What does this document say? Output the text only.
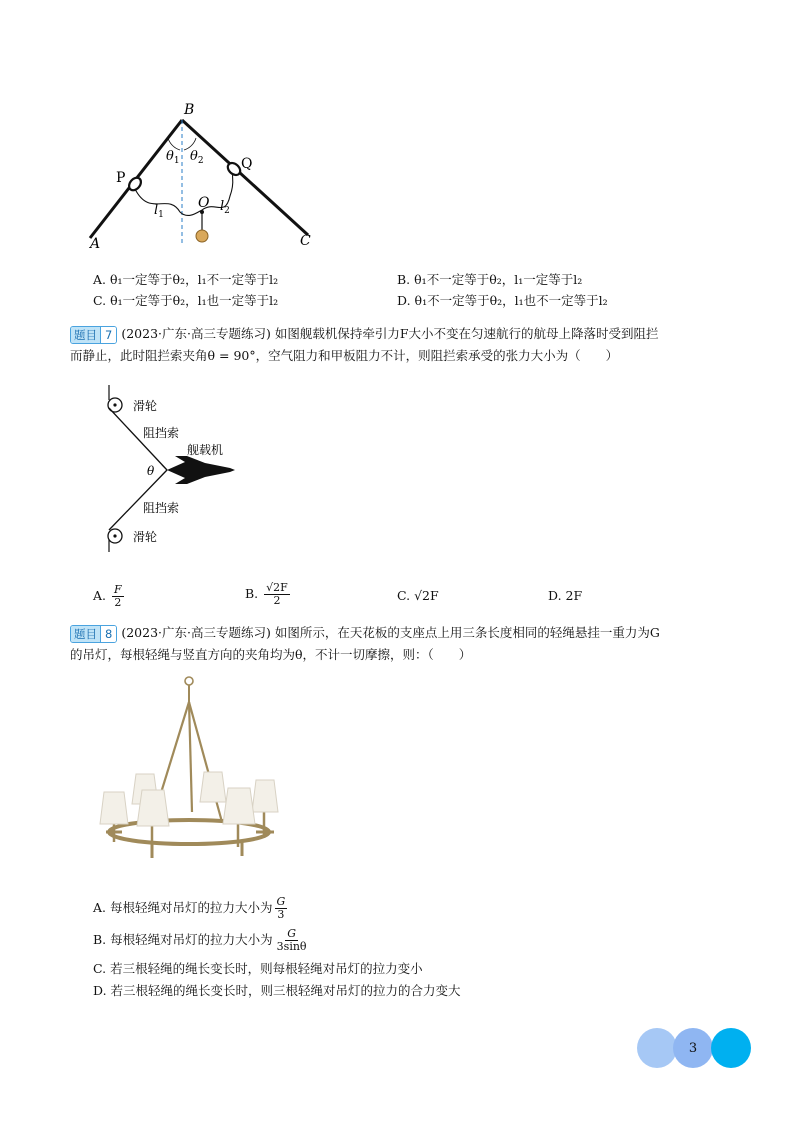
B
P
Q
O
A	C
$\theta_1$ $\theta_2$
$l_1$
$l_2$
A. θ₁一定等于θ₂，l₁不一定等于l₂	B. θ₁不一定等于θ₂，l₁一定等于l₂
C. θ₁一定等于θ₂，l₁也一定等于l₂	D. θ₁不一定等于θ₂，l₁也不一定等于l₂
题目 7 (2023·广东·高三专题练习) 如图舰载机保持牵引力F大小不变在匀速航行的航母上降落时受到阻拦
而静止，此时阻拦索夹角θ = 90°，空气阻力和甲板阻力不计，则阻拦索承受的张力大小为（　　）
滑轮
滑轮
阻挡索
阻挡索
舰载机
θ
A. $\frac{F}{2}$	B. $\frac{√2F}{2}$	C. √2F	D. 2F
题目 8 (2023·广东·高三专题练习) 如图所示，在天花板的支座点上用三条长度相同的轻绳悬挂一重力为G
的吊灯，每根轻绳与竖直方向的夹角均为θ，不计一切摩擦，则：（　　）
A. 每根轻绳对吊灯的拉力大小为 $\frac{G}{3}$
B. 每根轻绳对吊灯的拉力大小为 $\frac{G}{3\sin\theta}$
C. 若三根轻绳的绳长变长时，则每根轻绳对吊灯的拉力变小
D. 若三根轻绳的绳长变长时，则三根轻绳对吊灯的拉力的合力变大
3
